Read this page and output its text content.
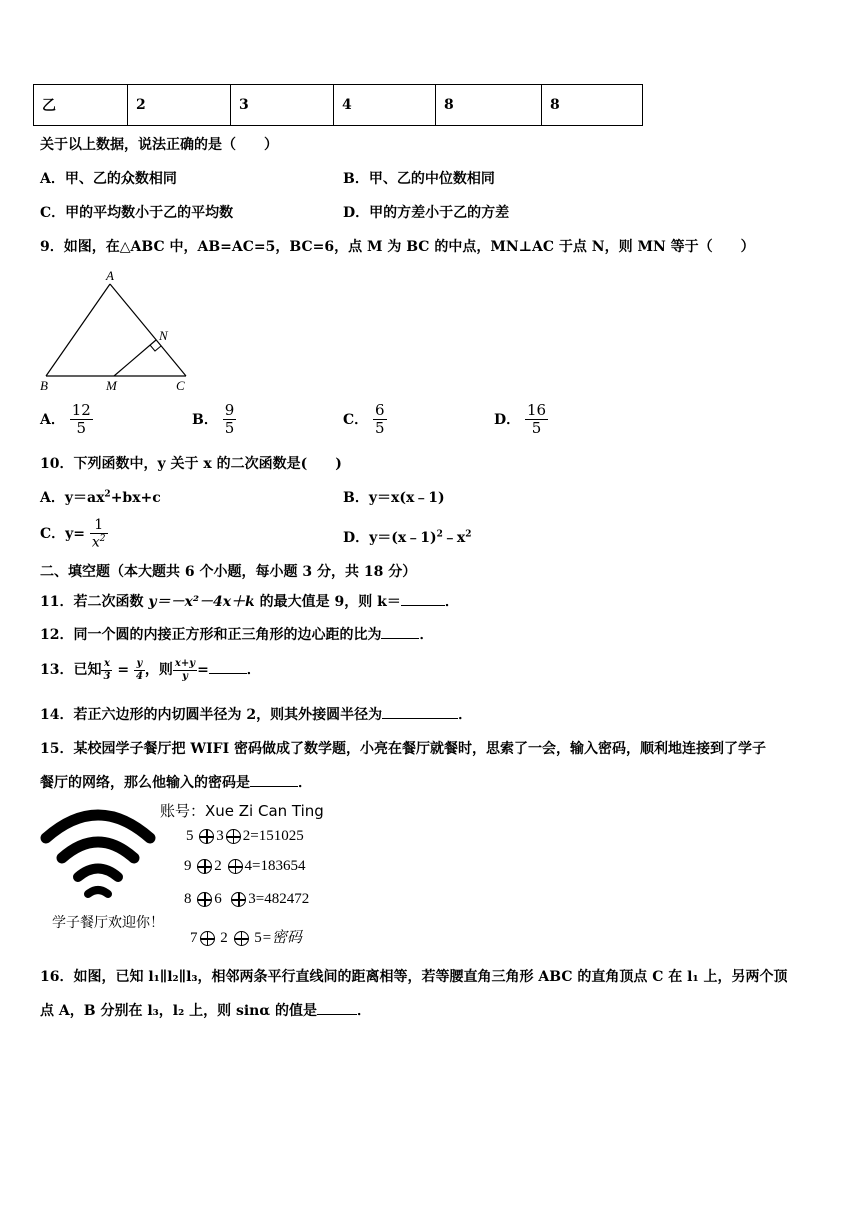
乙	2	3	4	8	8
关于以上数据，说法正确的是（　　）
A．甲、乙的众数相同	B．甲、乙的中位数相同
C．甲的平均数小于乙的平均数	D．甲的方差小于乙的方差
9．如图，在△ABC 中，AB=AC=5，BC=6，点 M 为 BC 的中点，MN⊥AC 于点 N，则 MN 等于（　　）
A
B	C
M
N
A． $\frac{12}{5}$	B． $\frac{9}{5}$	C． $\frac{6}{5}$	D． $\frac{16}{5}$
10．下列函数中，y 关于 x 的二次函数是(　　)
A．$y=ax^2+bx+c$	B．y＝x(x﹣1)
C．$y= \frac{1}{x^2}$	D．$y=(x﹣1)^2﹣x^2$
二、填空题（本大题共 6 个小题，每小题 3 分，共 18 分）
11．若二次函数 y＝－x²－4x＋k 的最大值是 9，则 k＝	．
12．同一个圆的内接正方形和正三角形的边心距的比为	．
13．已知 $\frac{x}{3} = \frac{y}{4}$ ，则 $\frac{x+y}{y}$ =	．
14．若正六边形的内切圆半径为 2，则其外接圆半径为	．
15．某校园学子餐厅把 WIFI 密码做成了数学题，小亮在餐厅就餐时，思索了一会，输入密码，顺利地连接到了学子
餐厅的网络，那么他输入的密码是	．
学子餐厅欢迎你！
账号：Xue Zi Can Ting
5 3 2=151025
9 2 4=183654
8 6 3=482472
7 2 5=密码
16．如图，已知 l₁∥l₂∥l₃，相邻两条平行直线间的距离相等，若等腰直角三角形 ABC 的直角顶点 C 在 l₁ 上，另两个顶
点 A，B 分别在 l₃，l₂ 上，则 sinα 的值是	．
